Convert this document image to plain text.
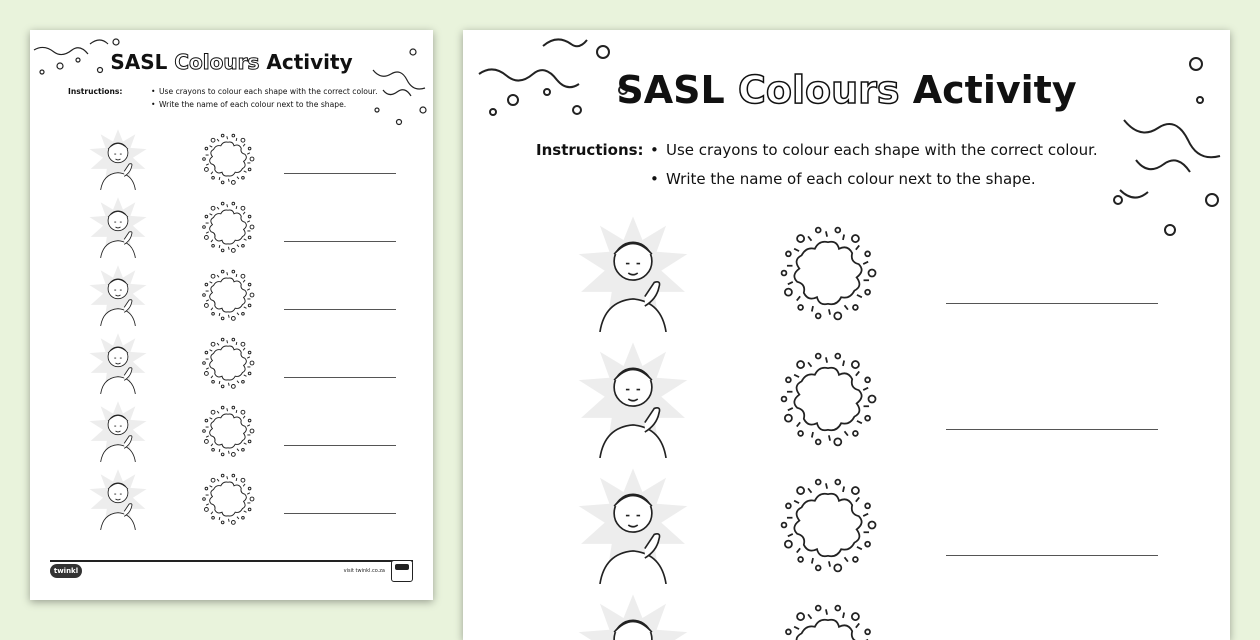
SASL Colours Activity
Instructions:	• Use crayons to colour each shape with the correct colour.
• Write the name of each colour next to the shape.
twinkl	visit twinkl.co.za
SASL Colours Activity
Instructions: • Use crayons to colour each shape with the correct colour.
• Write the name of each colour next to the shape.
